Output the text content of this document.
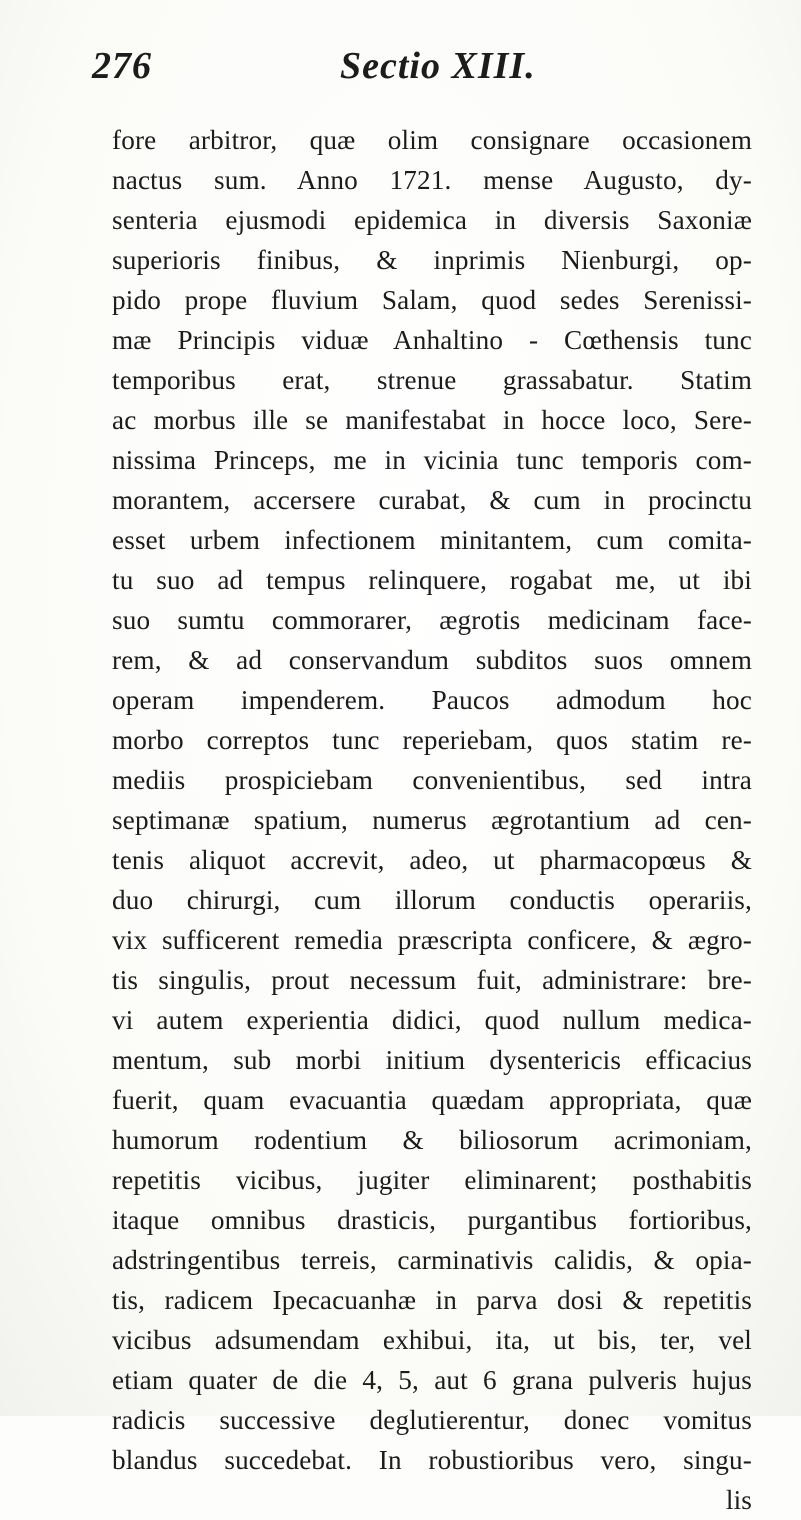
276	Sectio XIII.
fore arbitror, quæ olim consignare occasionem
nactus sum. Anno 1721. mense Augusto, dy-
senteria ejusmodi epidemica in diversis Saxoniæ
superioris finibus, & inprimis Nienburgi, op-
pido prope fluvium Salam, quod sedes Serenissi-
mæ Principis viduæ Anhaltino - Cœthensis tunc
temporibus erat, strenue grassabatur. Statim
ac morbus ille se manifestabat in hocce loco, Sere-
nissima Princeps, me in vicinia tunc temporis com-
morantem, accersere curabat, & cum in procinctu
esset urbem infectionem minitantem, cum comita-
tu suo ad tempus relinquere, rogabat me, ut ibi
suo sumtu commorarer, ægrotis medicinam face-
rem, & ad conservandum subditos suos omnem
operam impenderem. Paucos admodum hoc
morbo correptos tunc reperiebam, quos statim re-
mediis prospiciebam convenientibus, sed intra
septimanæ spatium, numerus ægrotantium ad cen-
tenis aliquot accrevit, adeo, ut pharmacopœus &
duo chirurgi, cum illorum conductis operariis,
vix sufficerent remedia præscripta conficere, & ægro-
tis singulis, prout necessum fuit, administrare: bre-
vi autem experientia didici, quod nullum medica-
mentum, sub morbi initium dysentericis efficacius
fuerit, quam evacuantia quædam appropriata, quæ
humorum rodentium & biliosorum acrimoniam,
repetitis vicibus, jugiter eliminarent; posthabitis
itaque omnibus drasticis, purgantibus fortioribus,
adstringentibus terreis, carminativis calidis, & opia-
tis, radicem Ipecacuanhæ in parva dosi & repetitis
vicibus adsumendam exhibui, ita, ut bis, ter, vel
etiam quater de die 4, 5, aut 6 grana pulveris hujus
radicis successive deglutierentur, donec vomitus
blandus succedebat. In robustioribus vero, singu-
lis
